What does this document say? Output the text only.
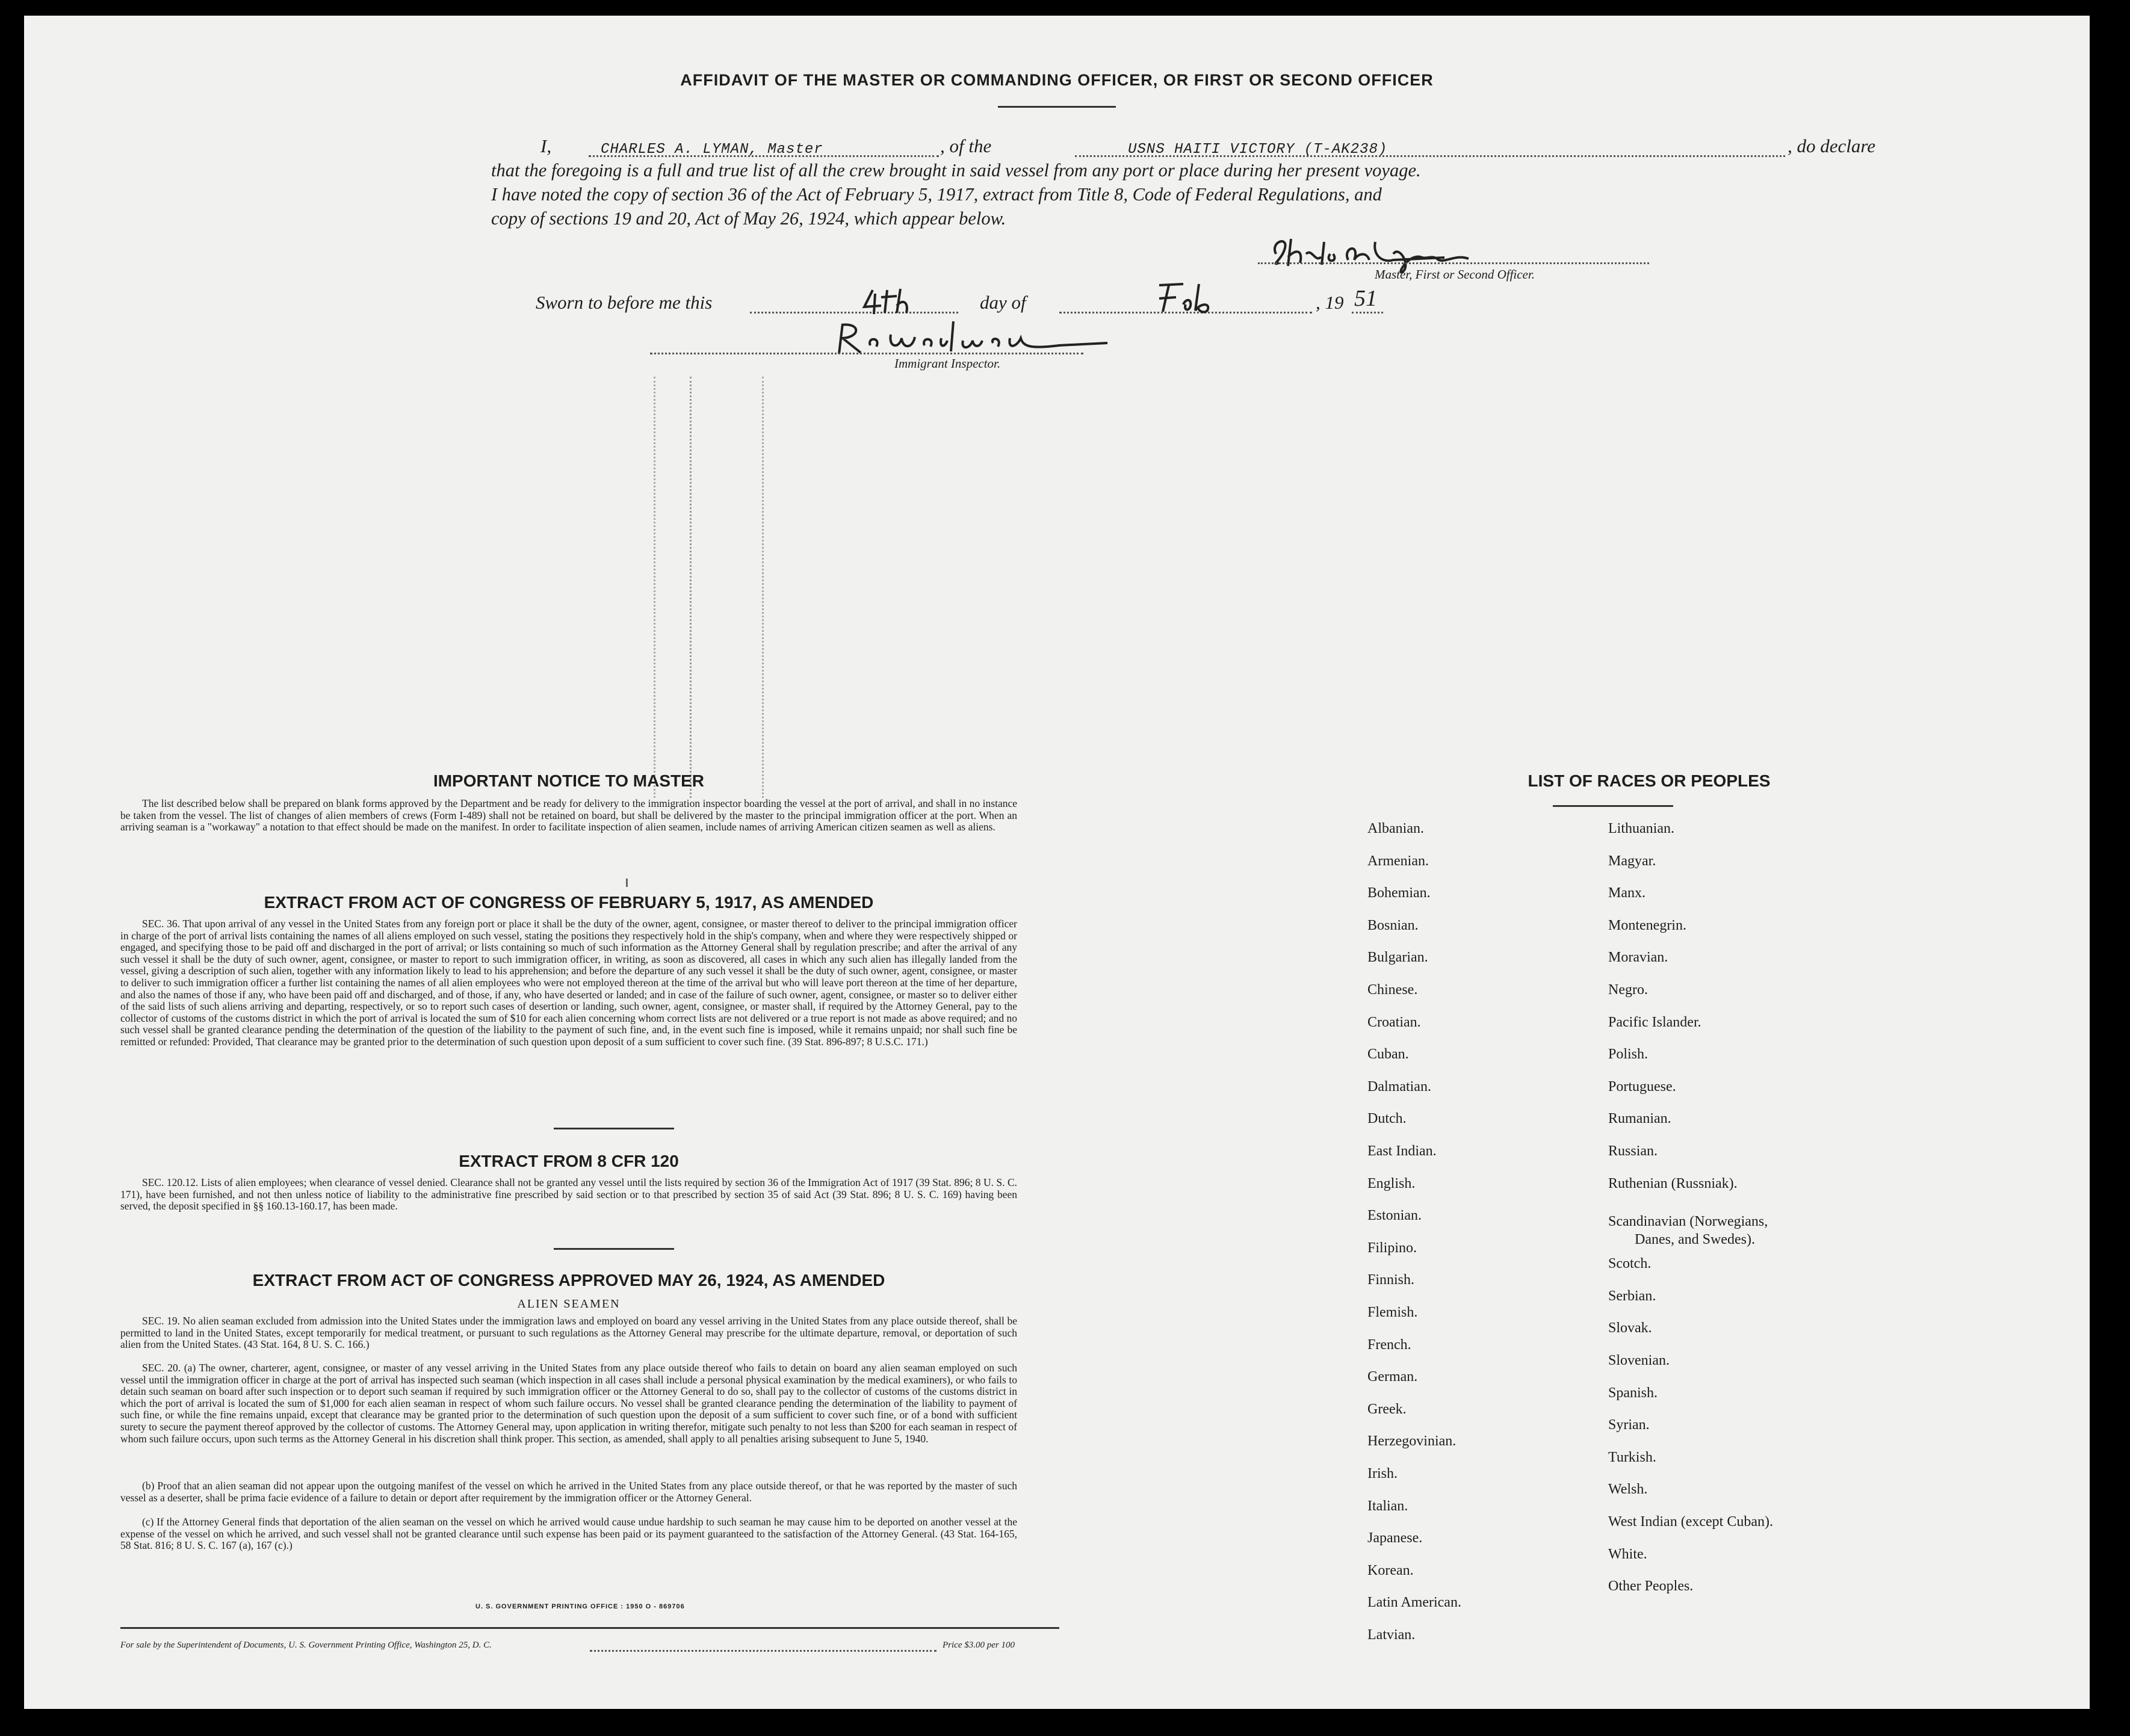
AFFIDAVIT OF THE MASTER OR COMMANDING OFFICER, OR FIRST OR SECOND OFFICER
I,	CHARLES A. LYMAN, Master	, of the	USNS HAITI VICTORY (T-AK238)	, do declare
that the foregoing is a full and true list of all the crew brought in said vessel from any port or place during her present voyage.
I have noted the copy of section 36 of the Act of February 5, 1917, extract from Title 8, Code of Federal Regulations, and
copy of sections 19 and 20, Act of May 26, 1924, which appear below.
Master, First or Second Officer.
Sworn to before me this	day of	, 19 51
Immigrant Inspector.
IMPORTANT NOTICE TO MASTER
The list described below shall be prepared on blank forms approved by the Department and be ready for delivery to the immigration inspector boarding the vessel at the port of arrival, and shall in no instance be taken from the vessel. The list of changes of alien members of crews (Form I-489) shall not be retained on board, but shall be delivered by the master to the principal immigration officer at the port. When an arriving seaman is a "workaway" a notation to that effect should be made on the manifest. In order to facilitate inspection of alien seamen, include names of arriving American citizen seamen as well as aliens.
EXTRACT FROM ACT OF CONGRESS OF FEBRUARY 5, 1917, AS AMENDED
SEC. 36. That upon arrival of any vessel in the United States from any foreign port or place it shall be the duty of the owner, agent, consignee, or master thereof to deliver to the principal immigration officer in charge of the port of arrival lists containing the names of all aliens employed on such vessel, stating the positions they respectively hold in the ship's company, when and where they were respectively shipped or engaged, and specifying those to be paid off and discharged in the port of arrival; or lists containing so much of such information as the Attorney General shall by regulation prescribe; and after the arrival of any such vessel it shall be the duty of such owner, agent, consignee, or master to report to such immigration officer, in writing, as soon as discovered, all cases in which any such alien has illegally landed from the vessel, giving a description of such alien, together with any information likely to lead to his apprehension; and before the departure of any such vessel it shall be the duty of such owner, agent, consignee, or master to deliver to such immigration officer a further list containing the names of all alien employees who were not employed thereon at the time of the arrival but who will leave port thereon at the time of her departure, and also the names of those if any, who have been paid off and discharged, and of those, if any, who have deserted or landed; and in case of the failure of such owner, agent, consignee, or master so to deliver either of the said lists of such aliens arriving and departing, respectively, or so to report such cases of desertion or landing, such owner, agent, consignee, or master shall, if required by the Attorney General, pay to the collector of customs of the customs district in which the port of arrival is located the sum of $10 for each alien concerning whom correct lists are not delivered or a true report is not made as above required; and no such vessel shall be granted clearance pending the determination of the question of the liability to the payment of such fine, and, in the event such fine is imposed, while it remains unpaid; nor shall such fine be remitted or refunded: Provided, That clearance may be granted prior to the determination of such question upon deposit of a sum sufficient to cover such fine. (39 Stat. 896-897; 8 U.S.C. 171.)
EXTRACT FROM 8 CFR 120
SEC. 120.12. Lists of alien employees; when clearance of vessel denied. Clearance shall not be granted any vessel until the lists required by section 36 of the Immigration Act of 1917 (39 Stat. 896; 8 U. S. C. 171), have been furnished, and not then unless notice of liability to the administrative fine prescribed by said section or to that prescribed by section 35 of said Act (39 Stat. 896; 8 U. S. C. 169) having been served, the deposit specified in §§ 160.13-160.17, has been made.
EXTRACT FROM ACT OF CONGRESS APPROVED MAY 26, 1924, AS AMENDED
ALIEN SEAMEN
SEC. 19. No alien seaman excluded from admission into the United States under the immigration laws and employed on board any vessel arriving in the United States from any place outside thereof, shall be permitted to land in the United States, except temporarily for medical treatment, or pursuant to such regulations as the Attorney General may prescribe for the ultimate departure, removal, or deportation of such alien from the United States. (43 Stat. 164, 8 U. S. C. 166.)
SEC. 20. (a) The owner, charterer, agent, consignee, or master of any vessel arriving in the United States from any place outside thereof who fails to detain on board any alien seaman employed on such vessel until the immigration officer in charge at the port of arrival has inspected such seaman (which inspection in all cases shall include a personal physical examination by the medical examiners), or who fails to detain such seaman on board after such inspection or to deport such seaman if required by such immigration officer or the Attorney General to do so, shall pay to the collector of customs of the customs district in which the port of arrival is located the sum of $1,000 for each alien seaman in respect of whom such failure occurs. No vessel shall be granted clearance pending the determination of the liability to payment of such fine, or while the fine remains unpaid, except that clearance may be granted prior to the determination of such question upon the deposit of a sum sufficient to cover such fine, or of a bond with sufficient surety to secure the payment thereof approved by the collector of customs. The Attorney General may, upon application in writing therefor, mitigate such penalty to not less than $200 for each seaman in respect of whom such failure occurs, upon such terms as the Attorney General in his discretion shall think proper. This section, as amended, shall apply to all penalties arising subsequent to June 5, 1940.
(b) Proof that an alien seaman did not appear upon the outgoing manifest of the vessel on which he arrived in the United States from any place outside thereof, or that he was reported by the master of such vessel as a deserter, shall be prima facie evidence of a failure to detain or deport after requirement by the immigration officer or the Attorney General.
(c) If the Attorney General finds that deportation of the alien seaman on the vessel on which he arrived would cause undue hardship to such seaman he may cause him to be deported on another vessel at the expense of the vessel on which he arrived, and such vessel shall not be granted clearance until such expense has been paid or its payment guaranteed to the satisfaction of the Attorney General. (43 Stat. 164-165, 58 Stat. 816; 8 U. S. C. 167 (a), 167 (c).)
U. S. GOVERNMENT PRINTING OFFICE : 1950 O - 869706
For sale by the Superintendent of Documents, U. S. Government Printing Office, Washington 25, D. C.	Price $3.00 per 100
LIST OF RACES OR PEOPLES
Albanian.
Armenian.
Bohemian.
Bosnian.
Bulgarian.
Chinese.
Croatian.
Cuban.
Dalmatian.
Dutch.
East Indian.
English.
Estonian.
Filipino.
Finnish.
Flemish.
French.
German.
Greek.
Herzegovinian.
Irish.
Italian.
Japanese.
Korean.
Latin American.
Latvian.
Lithuanian.
Magyar.
Manx.
Montenegrin.
Moravian.
Negro.
Pacific Islander.
Polish.
Portuguese.
Rumanian.
Russian.
Ruthenian (Russniak).
Scandinavian (Norwegians,
Danes, and Swedes).
Scotch.
Serbian.
Slovak.
Slovenian.
Spanish.
Syrian.
Turkish.
Welsh.
West Indian (except Cuban).
White.
Other Peoples.
